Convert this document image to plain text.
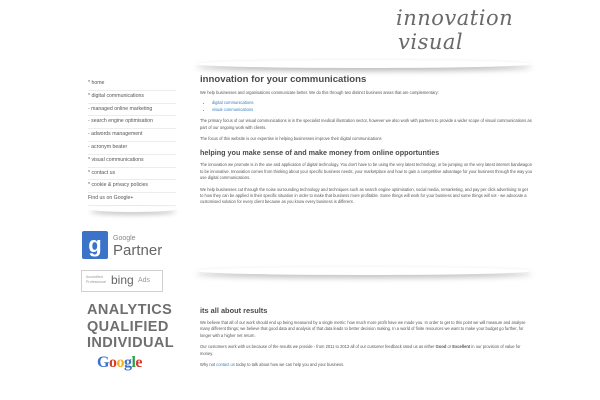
innovation
visual
* home
* digital communications
- managed online marketing
- search engine optimisation
- adwords management
- acronym beater
* visual communications
* contact us
* cookie & privacy policies
Find us on Google+
g	Google
Partner
Accredited Professional bing Ads
ANALYTICS
QUALIFIED
INDIVIDUAL
Google
innovation for your communications

We help businesses and organisations communicate better. We do this through two distinct business areas that are complementary:

• digital communications
• visual communications

The primary focus of our visual communications is in the specialist medical illustration sector, however we also work with partners to provide a wider scope of visual communications as part of our ongoing work with clients.

The focus of this website is our expertise in helping businesses improve their digital communications

helping you make sense of and make money from online opportunties

The innovation we promote is in the use and application of digital technology. You don't have to be using the very latest technology, or be jumping on the very latest internet bandwagon to be innovative. Innovation comes from thinking about your specific business needs, your marketplace and how to gain a competitive advantage for your business through the way you use digital communications.

We help businesses cut through the noise surrounding technology and techniques such as search engine optimisation, social media, remarketing, and pay per click advertising to get to how they can be applied in their specific situation in order to make that business more profitable. Some things will work for your business and some things will not - we advocate a customised solution for every client because as you know every business is different.

its all about results

We believe that all of our work should end up being measured by a single metric: how much more profit have we made you. In order to get to this point we will measure and analyse many different things; we believe that good data and analysis of that data leads to better decision making. In a world of finite resources we want to make your budget go further, for longer with a higher net return.

Our customers work with us because of the results we provide - from 2011 to 2013 all of our customer feedback rated us as either Good or Excellent in our provision of value for money.

Why not contact us today to talk about how we can help you and your business.
